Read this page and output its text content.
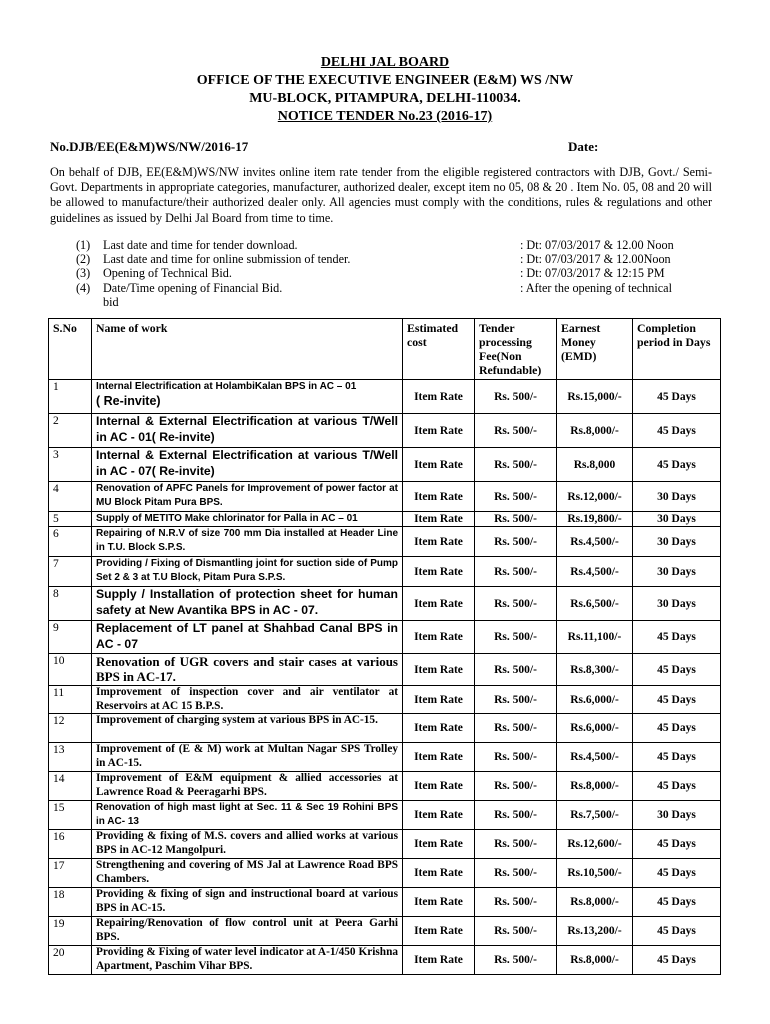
DELHI JAL BOARD
OFFICE OF THE EXECUTIVE ENGINEER (E&M) WS /NW
MU-BLOCK, PITAMPURA, DELHI-110034.
NOTICE TENDER No.23 (2016-17)
No.DJB/EE(E&M)WS/NW/2016-17	Date:
On behalf of DJB, EE(E&M)WS/NW invites online item rate tender from the eligible registered contractors with DJB, Govt./ Semi-Govt. Departments in appropriate categories, manufacturer, authorized dealer, except item no 05, 08 & 20 . Item No. 05, 08 and 20 will be allowed to manufacture/their authorized dealer only. All agencies must comply with the conditions, rules & regulations and other guidelines as issued by Delhi Jal Board from time to time.
(1) Last date and time for tender download.	: Dt: 07/03/2017 & 12.00 Noon
(2) Last date and time for online submission of tender.	: Dt: 07/03/2017 & 12.00Noon
(3) Opening of Technical Bid.	: Dt: 07/03/2017 & 12:15 PM
(4) Date/Time opening of Financial Bid.	: After the opening of technical
bid
S.No	Name of work	Estimated cost	Tender processing Fee(Non Refundable)	Earnest Money (EMD)	Completion period in Days
1	Internal Electrification at HolambiKalan BPS in AC – 01
( Re-invite)	Item Rate	Rs. 500/-	Rs.15,000/-	45 Days
2	Internal & External Electrification at various T/Well in AC - 01( Re-invite)	Item Rate	Rs. 500/-	Rs.8,000/-	45 Days
3	Internal & External Electrification at various T/Well in AC - 07( Re-invite)	Item Rate	Rs. 500/-	Rs.8,000	45 Days
4	Renovation of APFC Panels for Improvement of power factor at MU Block Pitam Pura BPS.	Item Rate	Rs. 500/-	Rs.12,000/-	30 Days
5	Supply of METITO Make chlorinator for Palla in AC – 01	Item Rate	Rs. 500/-	Rs.19,800/-	30 Days
6	Repairing of N.R.V of size 700 mm Dia installed at Header Line in T.U. Block S.P.S.	Item Rate	Rs. 500/-	Rs.4,500/-	30 Days
7	Providing / Fixing of Dismantling joint for suction side of Pump Set 2 & 3 at T.U Block, Pitam Pura S.P.S.	Item Rate	Rs. 500/-	Rs.4,500/-	30 Days
8	Supply / Installation of protection sheet for human safety at New Avantika BPS in AC - 07.	Item Rate	Rs. 500/-	Rs.6,500/-	30 Days
9	Replacement of LT panel at Shahbad Canal BPS in AC - 07	Item Rate	Rs. 500/-	Rs.11,100/-	45 Days
10	Renovation of UGR covers and stair cases at various BPS in AC-17.	Item Rate	Rs. 500/-	Rs.8,300/-	45 Days
11	Improvement of inspection cover and air ventilator at Reservoirs at AC 15 B.P.S.	Item Rate	Rs. 500/-	Rs.6,000/-	45 Days
12	Improvement of charging system at various BPS in AC-15.	Item Rate	Rs. 500/-	Rs.6,000/-	45 Days
13	Improvement of (E & M) work at Multan Nagar SPS Trolley in AC-15.	Item Rate	Rs. 500/-	Rs.4,500/-	45 Days
14	Improvement of E&M equipment & allied accessories at Lawrence Road & Peeragarhi BPS.	Item Rate	Rs. 500/-	Rs.8,000/-	45 Days
15	Renovation of high mast light at Sec. 11 & Sec 19 Rohini BPS in AC- 13	Item Rate	Rs. 500/-	Rs.7,500/-	30 Days
16	Providing & fixing of M.S. covers and allied works at various BPS in AC-12 Mangolpuri.	Item Rate	Rs. 500/-	Rs.12,600/-	45 Days
17	Strengthening and covering of MS Jal at Lawrence Road BPS Chambers.	Item Rate	Rs. 500/-	Rs.10,500/-	45 Days
18	Providing & fixing of sign and instructional board at various BPS in AC-15.	Item Rate	Rs. 500/-	Rs.8,000/-	45 Days
19	Repairing/Renovation of flow control unit at Peera Garhi BPS.	Item Rate	Rs. 500/-	Rs.13,200/-	45 Days
20	Providing & Fixing of water level indicator at A-1/450 Krishna Apartment, Paschim Vihar BPS.	Item Rate	Rs. 500/-	Rs.8,000/-	45 Days
